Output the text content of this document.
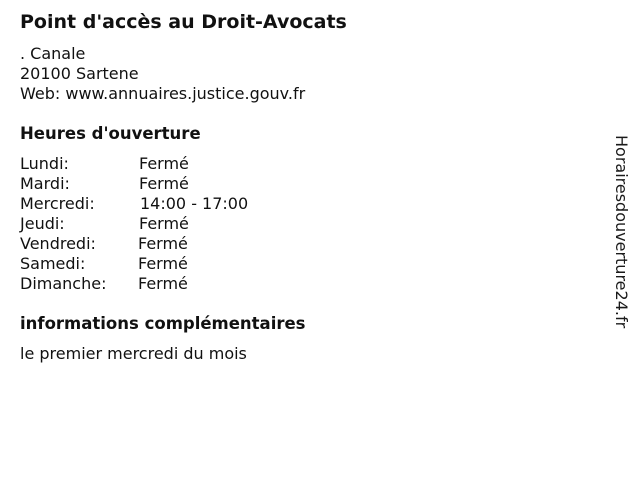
Point d'accès au Droit-Avocats
. Canale
20100 Sartene
Web: www.annuaires.justice.gouv.fr
Heures d'ouverture
Lundi:	Fermé
Mardi:	Fermé
Mercredi:	14:00 - 17:00
Jeudi:	Fermé
Vendredi:	Fermé
Samedi:	Fermé
Dimanche: Fermé
informations complémentaires
le premier mercredi du mois
Horairesdouverture24.fr
